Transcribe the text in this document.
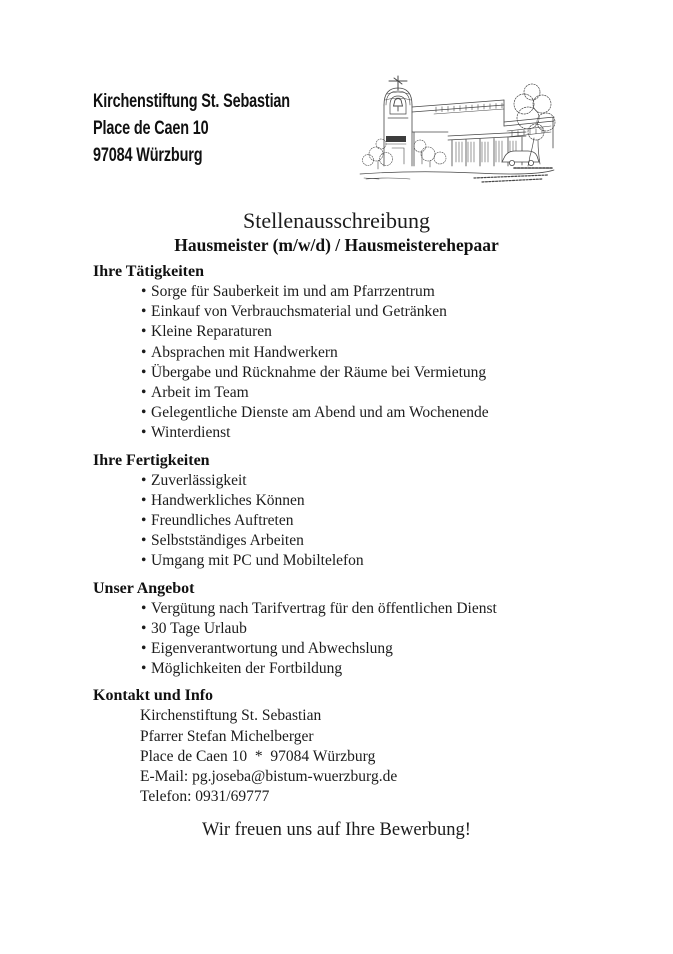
Kirchenstiftung St. Sebastian
Place de Caen 10
97084 Würzburg
Stellenausschreibung
Hausmeister (m/w/d) / Hausmeisterehepaar
Ihre Tätigkeiten
• Sorge für Sauberkeit im und am Pfarrzentrum
• Einkauf von Verbrauchsmaterial und Getränken
• Kleine Reparaturen
• Absprachen mit Handwerkern
• Übergabe und Rücknahme der Räume bei Vermietung
• Arbeit im Team
• Gelegentliche Dienste am Abend und am Wochenende
• Winterdienst
Ihre Fertigkeiten
• Zuverlässigkeit
• Handwerkliches Können
• Freundliches Auftreten
• Selbstständiges Arbeiten
• Umgang mit PC und Mobiltelefon
Unser Angebot
• Vergütung nach Tarifvertrag für den öffentlichen Dienst
• 30 Tage Urlaub
• Eigenverantwortung und Abwechslung
• Möglichkeiten der Fortbildung
Kontakt und Info
Kirchenstiftung St. Sebastian
Pfarrer Stefan Michelberger
Place de Caen 10  *  97084 Würzburg
E-Mail: pg.joseba@bistum-wuerzburg.de
Telefon: 0931/69777
Wir freuen uns auf Ihre Bewerbung!
